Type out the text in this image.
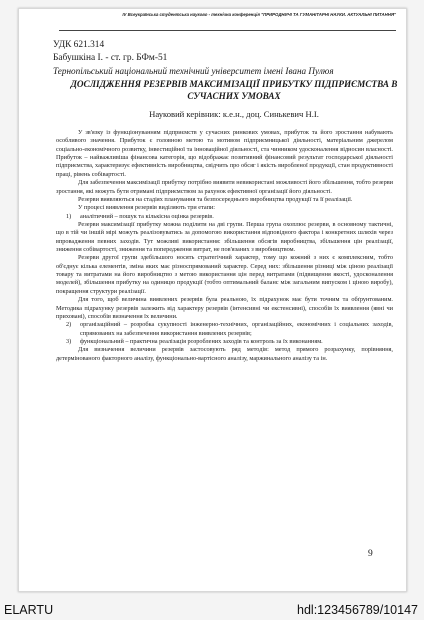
IV Всеукраїнська студентська науково - технічна конференція "ПРИРОДНИЧІ ТА ГУМАНІТАРНІ НАУКИ. АКТУАЛЬНІ ПИТАННЯ"
УДК 621.314
Бабушкіна І. - ст. гр. БФм-51
Тернопільський національний технічний університет імені Івана Пулюя
ДОСЛІДЖЕННЯ РЕЗЕРВІВ МАКСИМІЗАЦІЇ ПРИБУТКУ ПІДПРИЄМСТВА В СУЧАСНИХ УМОВАХ
Науковий керівник: к.е.н., доц. Синькевич Н.І.

У зв'язку із функціонуванням підприємств у сучасних ринкових умовах, прибуток та його зростання набувають особливого значення. Прибуток є головною метою та мотивом підприємницької діяльності, матеріальним джерелом соціально-економічного розвитку, інвестиційної та інноваційної діяльності, ста чинником удосконалення відносин власності. Прибуток – найважливіша фінансова категорія, що відображає позитивний фінансовий результат господарської діяльності підприємства, характеризує ефективність виробництва, свідчить про обсяг і якість виробленої продукції, стан продуктивності праці, рівень собівартості.

Для забезпечення максимізації прибутку потрібно виявити невикористані можливості його збільшення, тобто резерви зростання, які можуть бути отримані підприємством за рахунок ефективної організації його діяльності.

Резерви виявляються на стадіях планування та безпосереднього виробництва продукції та її реалізації.

У процесі виявлення резервів виділяють три етапи:

1)	аналітичний – пошук та кількісна оцінка резервів.

Резерви максимізації прибутку можна поділити на дві групи. Перша група охоплює резерви, в основному тактичні, що в тій чи іншій мірі можуть реалізовуватись за допомогою використання відповідного фактора і конкретних шляхів через впровадження певних заходів. Тут можливі використання: збільшення обсягів виробництва, збільшення цін реалізації, зниження собівартості, зниження та попередження витрат, не пов'язаних з виробництвом.

Резерви другої групи здебільшого носять стратегічний характер, тому що кожний з них є комплексним, тобто об'єднує кілька елементів, зміна яких має різноспрямований характер. Серед них: збільшення різниці між ціною реалізації товару та витратами на його виробництво з метою використання цін перед витратами (підвищення якості, удосконалення моделей), збільшення прибутку на одиницю продукції (тобто оптимальний баланс між загальним випуском і ціною виробу), покращення структури реалізації.

Для того, щоб величина виявлених резервів була реальною, їх підрахунок має бути точним та обґрунтованим. Методика підрахунку резервів залежить від характеру резервів (інтенсивні чи екстенсивні), способів їх виявлення (явні чи приховані), способів визначення їх величини.

2)	організаційний – розробка сукупності інженерно-технічних, організаційних, економічних і соціальних заходів, спрямованих на забезпечення використання виявлених резервів;
3)	функціональний – практична реалізація розроблених заходів та контроль за їх виконанням.

Для визначення величини резервів застосовують ряд методів: метод прямого розрахунку, порівняння, детермінованого факторного аналізу, функціонально-вартісного аналізу, маржинального аналізу та ін.

9
ELARTU	hdl:123456789/10147
